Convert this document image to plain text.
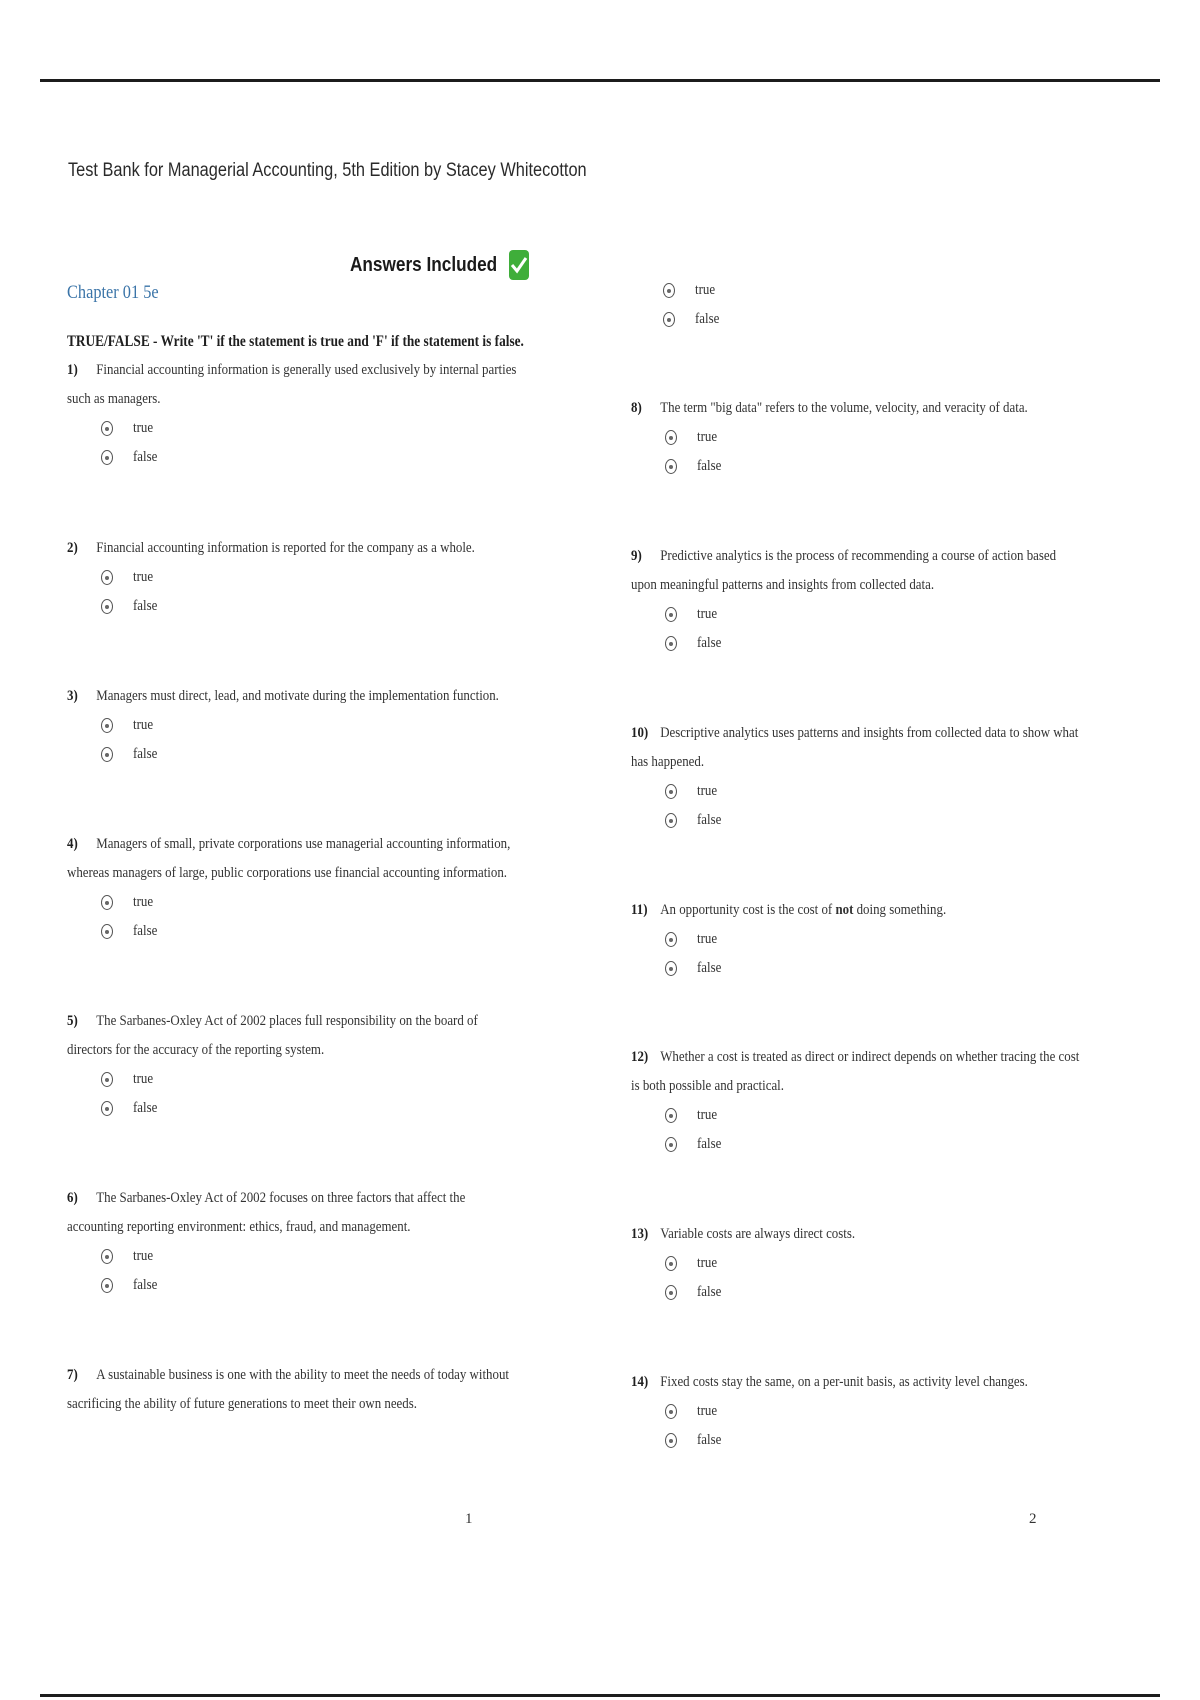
Test Bank for Managerial Accounting, 5th Edition by Stacey Whitecotton
Answers Included
Chapter 01 5e
TRUE/FALSE - Write 'T' if the statement is true and 'F' if the statement is false.
1) Financial accounting information is generally used exclusively by internal parties such as managers.
true
false
2) Financial accounting information is reported for the company as a whole.
true
false
3) Managers must direct, lead, and motivate during the implementation function.
true
false
4) Managers of small, private corporations use managerial accounting information, whereas managers of large, public corporations use financial accounting information.
true
false
5) The Sarbanes-Oxley Act of 2002 places full responsibility on the board of directors for the accuracy of the reporting system.
true
false
6) The Sarbanes-Oxley Act of 2002 focuses on three factors that affect the accounting reporting environment: ethics, fraud, and management.
true
false
7) A sustainable business is one with the ability to meet the needs of today without sacrificing the ability of future generations to meet their own needs.
1
true
false
8) The term "big data" refers to the volume, velocity, and veracity of data.
true
false
9) Predictive analytics is the process of recommending a course of action based upon meaningful patterns and insights from collected data.
true
false
10) Descriptive analytics uses patterns and insights from collected data to show what has happened.
true
false
11) An opportunity cost is the cost of not doing something.
true
false
12) Whether a cost is treated as direct or indirect depends on whether tracing the cost is both possible and practical.
true
false
13) Variable costs are always direct costs.
true
false
14) Fixed costs stay the same, on a per-unit basis, as activity level changes.
true
false
2
